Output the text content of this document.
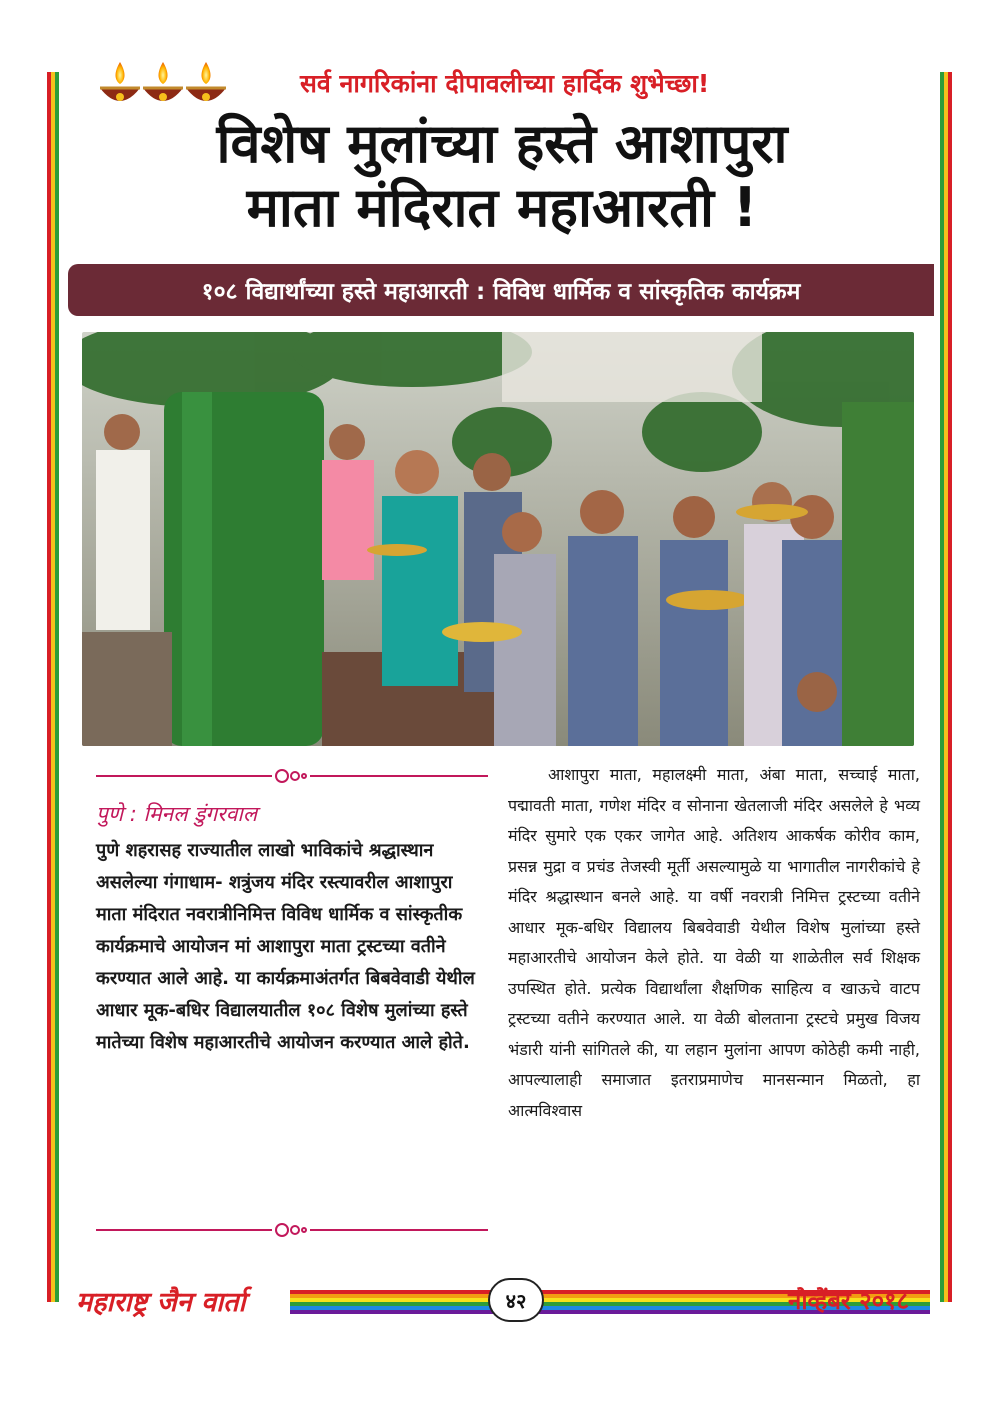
सर्व नागरिकांना दीपावलीच्या हार्दिक शुभेच्छा!
विशेष मुलांच्या हस्ते आशापुरा
माता मंदिरात महाआरती !
१०८ विद्यार्थांच्या हस्ते महाआरती : विविध धार्मिक व सांस्कृतिक कार्यक्रम
पुणे : मिनल डुंगरवाल
पुणे शहरासह राज्यातील लाखो भाविकांचे श्रद्धास्थान असलेल्या गंगाधाम- शत्रुंजय मंदिर रस्त्यावरील आशापुरा माता मंदिरात नवरात्रीनिमित्त विविध धार्मिक व सांस्कृतीक कार्यक्रमाचे आयोजन मां आशापुरा माता ट्रस्टच्या वतीने करण्यात आले आहे. या कार्यक्रमाअंतर्गत बिबवेवाडी येथील आधार मूक-बधिर विद्यालयातील १०८ विशेष मुलांच्या हस्ते मातेच्या विशेष महाआरतीचे आयोजन करण्यात आले होते.
आशापुरा माता, महालक्ष्मी माता, अंबा माता, सच्चाई माता, पद्मावती माता, गणेश मंदिर व सोनाना खेतलाजी मंदिर असलेले हे भव्य मंदिर सुमारे एक एकर जागेत आहे. अतिशय आकर्षक कोरीव काम, प्रसन्न मुद्रा व प्रचंड तेजस्वी मूर्ती असल्यामुळे या भागातील नागरीकांचे हे मंदिर श्रद्धास्थान बनले आहे. या वर्षी नवरात्री निमित्त ट्रस्टच्या वतीने आधार मूक-बधिर विद्यालय बिबवेवाडी येथील विशेष मुलांच्या हस्ते महाआरतीचे आयोजन केले होते. या वेळी या शाळेतील सर्व शिक्षक उपस्थित होते. प्रत्येक विद्यार्थांला शैक्षणिक साहित्य व खाऊचे वाटप ट्रस्टच्या वतीने करण्यात आले. या वेळी बोलताना ट्रस्टचे प्रमुख विजय भंडारी यांनी सांगितले की, या लहान मुलांना आपण कोठेही कमी नाही, आपल्यालाही समाजात इतराप्रमाणेच मानसन्मान मिळतो, हा आत्मविश्वास
महाराष्ट्र जैन वार्ता	४२	नोव्हेंबर २०१८
